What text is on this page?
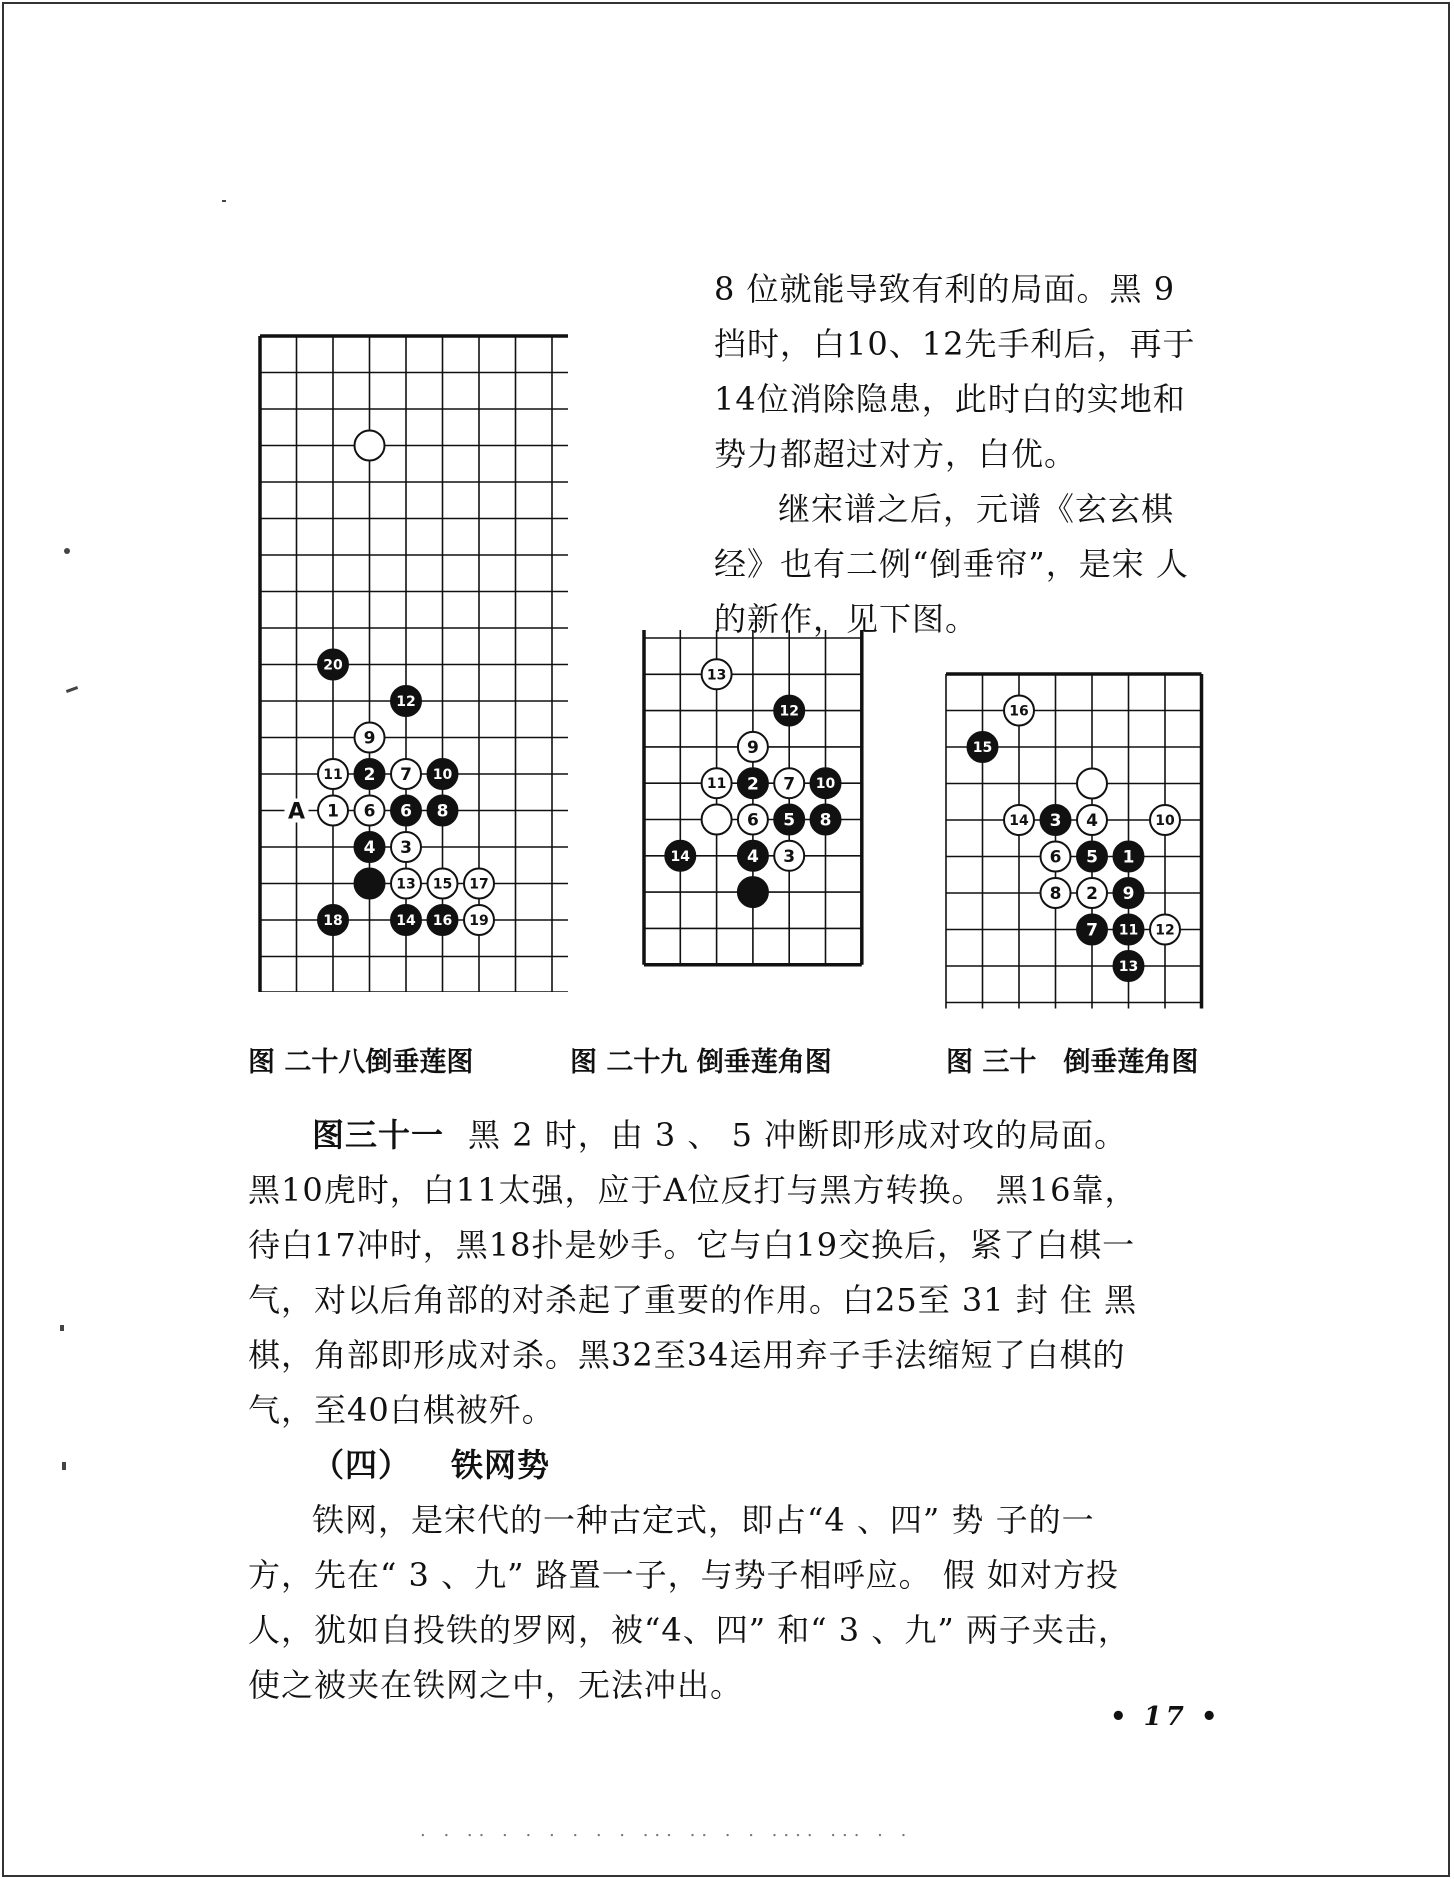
8 位就能导致有利的局面。黑 9

挡时，白10、12先手利后，再于

14位消除隐患，此时白的实地和

势力都超过对方，白优。

继宋谱之后，元谱《玄玄棋

经》也有二例“倒垂帘”，是宋 人

的新作，见下图。

A
20
12
9
11 2 7 10
1 6 6 8
4 3
13 15 17
18	14 16 19
13
12
9
11 2 7 10
6 5 8
14	4 3
16
15
14 3 4	10
6 5 1
8 2 9
7 11 12
13
图 二十八倒垂莲图	图 二十九 倒垂莲角图	图 三十　倒垂莲角图

图三十一 黑 2 时，由 3 、 5 冲断即形成对攻的局面。

黑10虎时，白11太强，应于A位反打与黑方转换。 黑16靠，

待白17冲时，黑18扑是妙手。它与白19交换后，紧了白棋一

气，对以后角部的对杀起了重要的作用。白25至 31 封 住 黑

棋，角部即形成对杀。黑32至34运用弃子手法缩短了白棋的

气，至40白棋被歼。

（四） 铁网势

铁网，是宋代的一种古定式，即占“4 、四” 势 子的一

方，先在“ 3 、九” 路置一子，与势子相呼应。 假 如对方投

人，犹如自投铁的罗网，被“4、四” 和“ 3 、九” 两子夹击，

使之被夹在铁网之中，无法冲出。

• 17 •
. . .. . . . . . . ... .. . . .... ... . .
